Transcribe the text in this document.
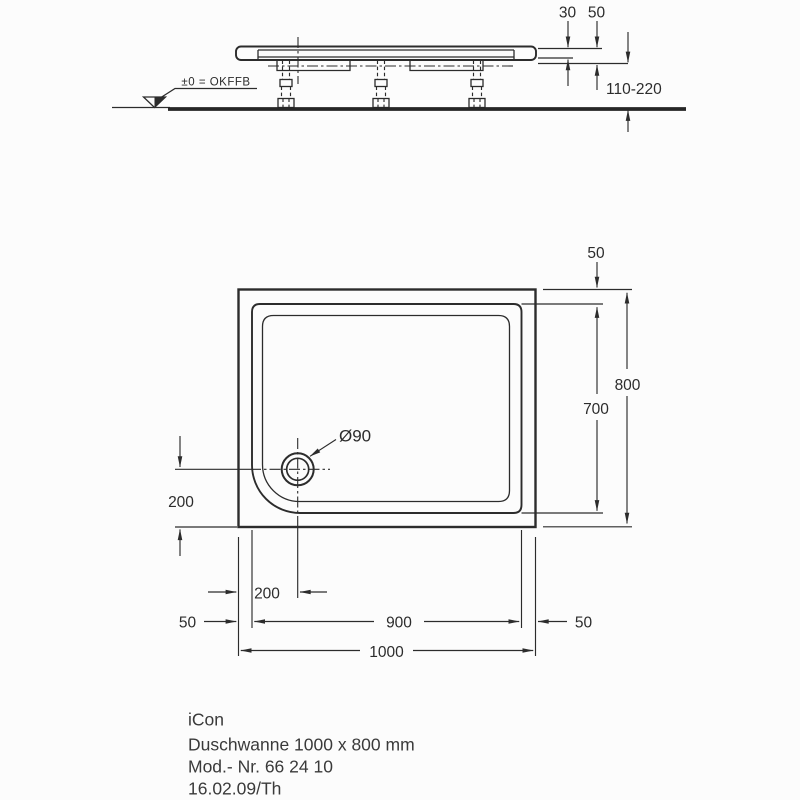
±0 = OKFFB
30 50
110-220
Ø90
50
700
800
200
200
50	900	50
1000
iCon
Duschwanne 1000 x 800 mm
Mod.- Nr. 66 24 10
16.02.09/Th
